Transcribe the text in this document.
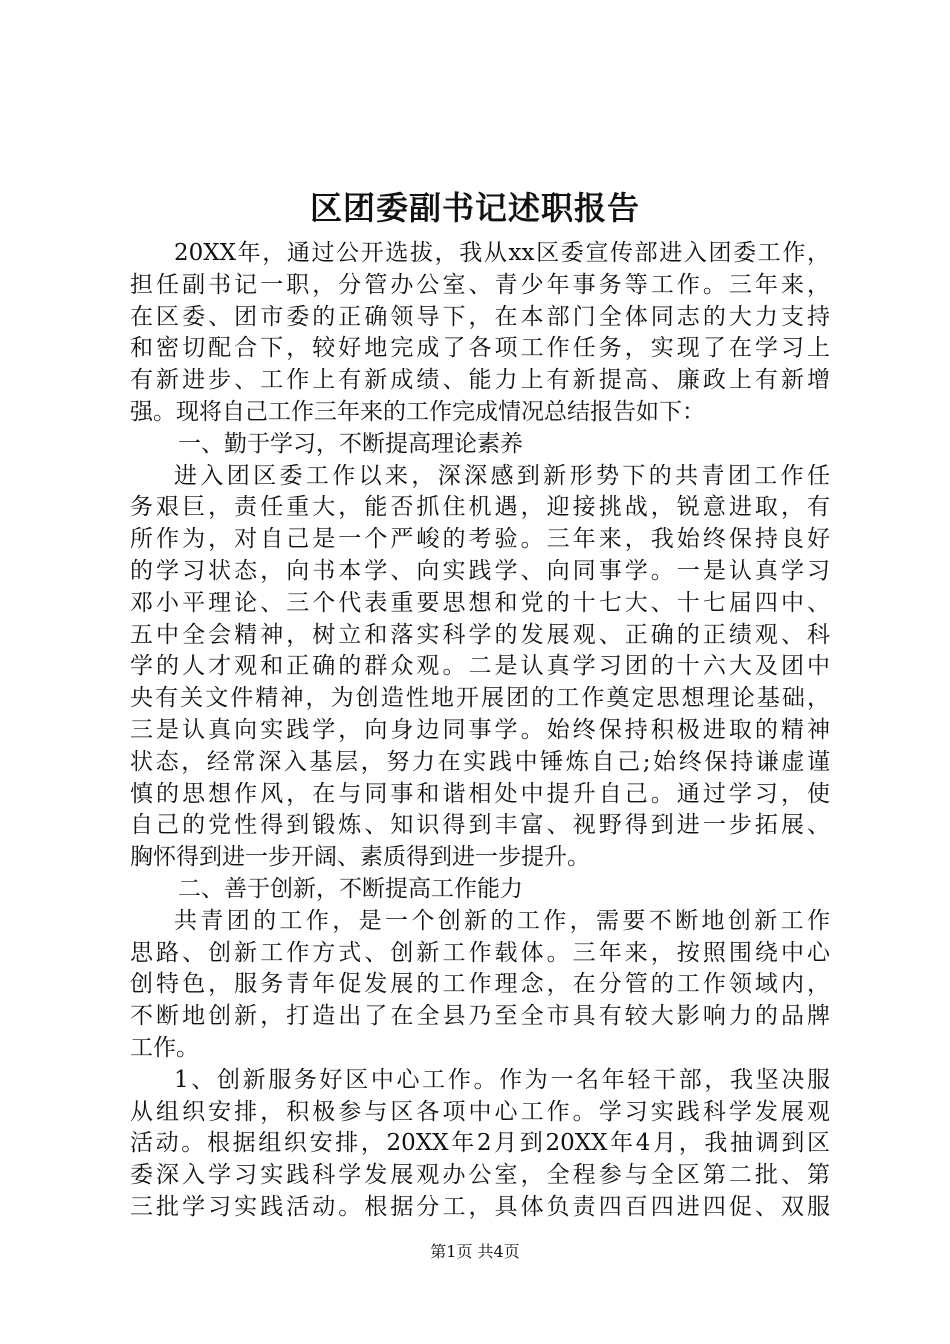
区团委副书记述职报告

20XX年，通过公开选拔，我从xx区委宣传部进入团委工作，

担任副书记一职，分管办公室、青少年事务等工作。三年来，

在区委、团市委的正确领导下，在本部门全体同志的大力支持

和密切配合下，较好地完成了各项工作任务，实现了在学习上

有新进步、工作上有新成绩、能力上有新提高、廉政上有新增

强。现将自己工作三年来的工作完成情况总结报告如下：

一、勤于学习，不断提高理论素养

进入团区委工作以来，深深感到新形势下的共青团工作任

务艰巨，责任重大，能否抓住机遇，迎接挑战，锐意进取，有

所作为，对自己是一个严峻的考验。三年来，我始终保持良好

的学习状态，向书本学、向实践学、向同事学。一是认真学习

邓小平理论、三个代表重要思想和党的十七大、十七届四中、

五中全会精神，树立和落实科学的发展观、正确的正绩观、科

学的人才观和正确的群众观。二是认真学习团的十六大及团中

央有关文件精神，为创造性地开展团的工作奠定思想理论基础，

三是认真向实践学，向身边同事学。始终保持积极进取的精神

状态，经常深入基层，努力在实践中锤炼自己;始终保持谦虚谨

慎的思想作风，在与同事和谐相处中提升自己。通过学习，使

自己的党性得到锻炼、知识得到丰富、视野得到进一步拓展、

胸怀得到进一步开阔、素质得到进一步提升。

二、善于创新，不断提高工作能力

共青团的工作，是一个创新的工作，需要不断地创新工作

思路、创新工作方式、创新工作载体。三年来，按照围绕中心

创特色，服务青年促发展的工作理念，在分管的工作领域内，

不断地创新，打造出了在全县乃至全市具有较大影响力的品牌

工作。

1、创新服务好区中心工作。作为一名年轻干部，我坚决服

从组织安排，积极参与区各项中心工作。学习实践科学发展观

活动。根据组织安排，20XX年2月到20XX年4月，我抽调到区

委深入学习实践科学发展观办公室，全程参与全区第二批、第

三批学习实践活动。根据分工，具体负责四百四进四促、双服

第1页 共4页
